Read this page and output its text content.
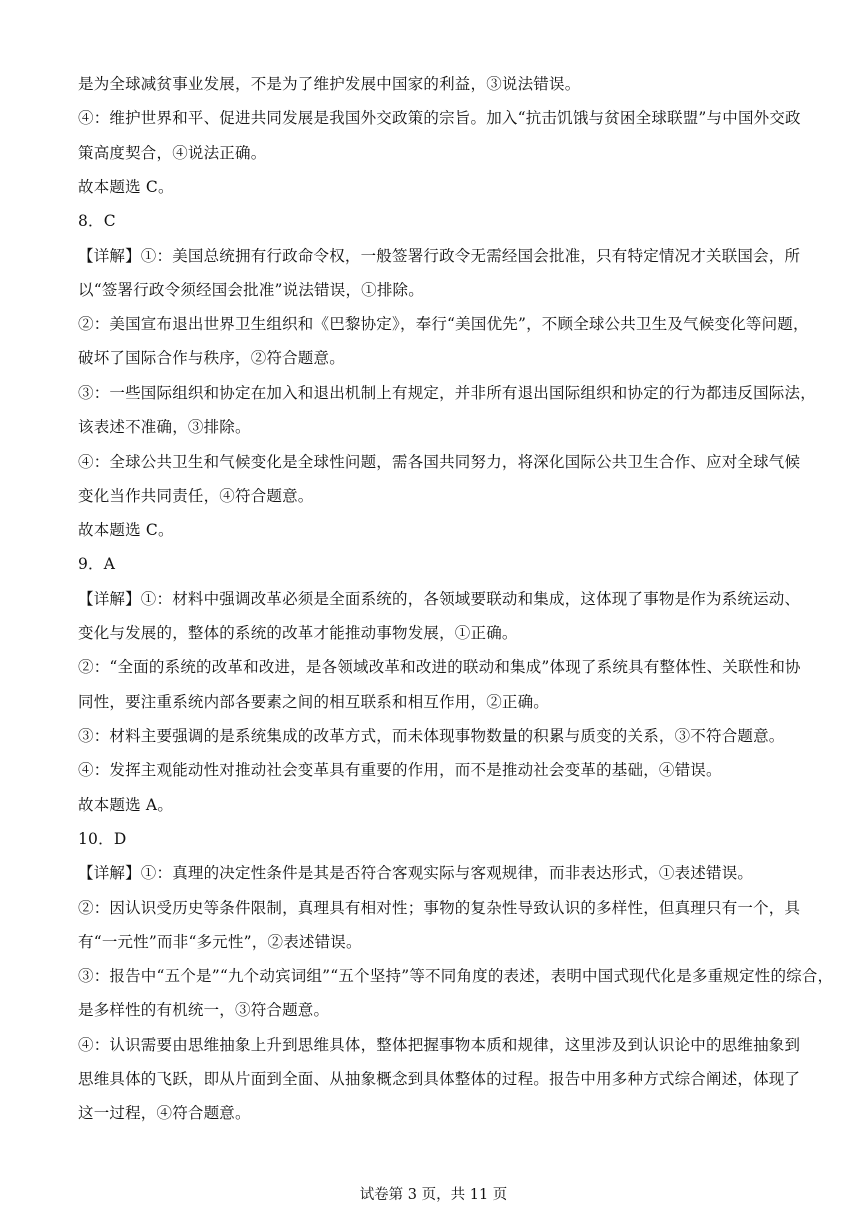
是为全球减贫事业发展，不是为了维护发展中国家的利益，③说法错误。
④：维护世界和平、促进共同发展是我国外交政策的宗旨。加入“抗击饥饿与贫困全球联盟”与中国外交政
策高度契合，④说法正确。
故本题选 C。
8．C
【详解】①：美国总统拥有行政命令权，一般签署行政令无需经国会批准，只有特定情况才关联国会，所
以“签署行政令须经国会批准”说法错误，①排除。
②：美国宣布退出世界卫生组织和《巴黎协定》，奉行“美国优先”，不顾全球公共卫生及气候变化等问题，
破坏了国际合作与秩序，②符合题意。
③：一些国际组织和协定在加入和退出机制上有规定，并非所有退出国际组织和协定的行为都违反国际法，
该表述不准确，③排除。
④：全球公共卫生和气候变化是全球性问题，需各国共同努力，将深化国际公共卫生合作、应对全球气候
变化当作共同责任，④符合题意。
故本题选 C。
9．A
【详解】①：材料中强调改革必须是全面系统的，各领域要联动和集成，这体现了事物是作为系统运动、
变化与发展的，整体的系统的改革才能推动事物发展，①正确。
②：“全面的系统的改革和改进，是各领域改革和改进的联动和集成”体现了系统具有整体性、关联性和协
同性，要注重系统内部各要素之间的相互联系和相互作用，②正确。
③：材料主要强调的是系统集成的改革方式，而未体现事物数量的积累与质变的关系，③不符合题意。
④：发挥主观能动性对推动社会变革具有重要的作用，而不是推动社会变革的基础，④错误。
故本题选 A。
10．D
【详解】①：真理的决定性条件是其是否符合客观实际与客观规律，而非表达形式，①表述错误。
②：因认识受历史等条件限制，真理具有相对性；事物的复杂性导致认识的多样性，但真理只有一个，具
有“一元性”而非“多元性”，②表述错误。
③：报告中“五个是”“九个动宾词组”“五个坚持”等不同角度的表述，表明中国式现代化是多重规定性的综合，
是多样性的有机统一，③符合题意。
④：认识需要由思维抽象上升到思维具体，整体把握事物本质和规律，这里涉及到认识论中的思维抽象到
思维具体的飞跃，即从片面到全面、从抽象概念到具体整体的过程。报告中用多种方式综合阐述，体现了
这一过程，④符合题意。
试卷第 3 页，共 11 页
